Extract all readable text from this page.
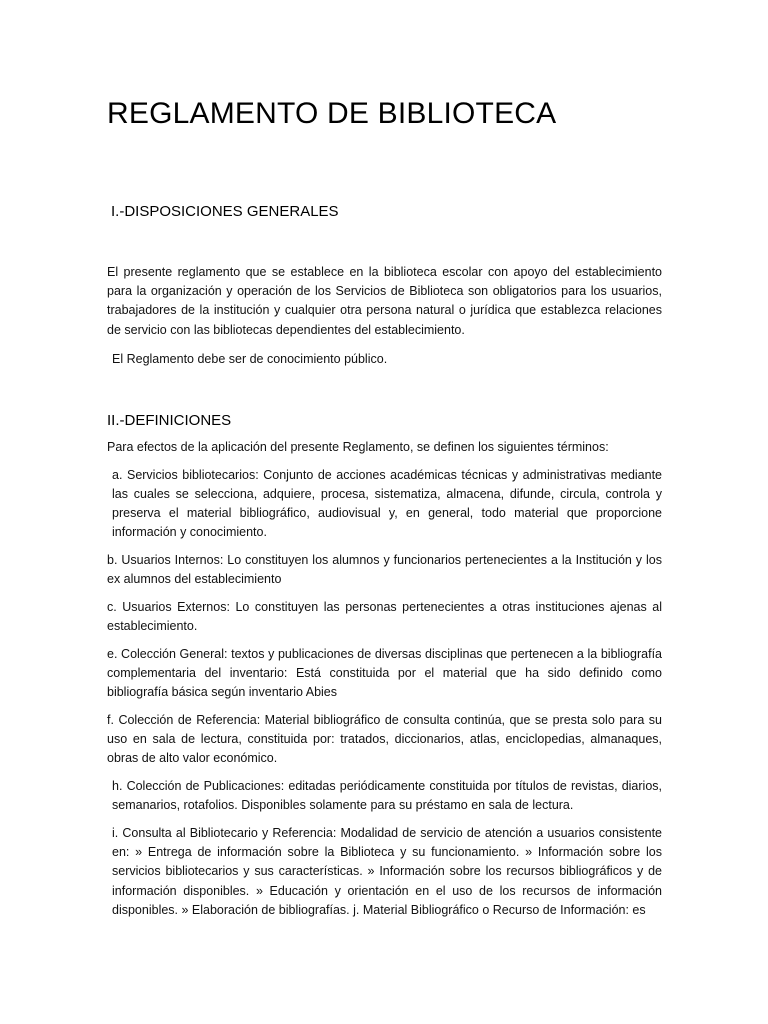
REGLAMENTO DE BIBLIOTECA
I.-DISPOSICIONES GENERALES

El presente reglamento que se establece en la biblioteca escolar con apoyo del establecimiento para la organización y operación de los Servicios de Biblioteca son obligatorios para los usuarios, trabajadores de la institución y cualquier otra persona natural o jurídica que establezca relaciones de servicio con las bibliotecas dependientes del establecimiento.

El Reglamento debe ser de conocimiento público.

II.-DEFINICIONES

Para efectos de la aplicación del presente Reglamento, se definen los siguientes términos:

a. Servicios bibliotecarios: Conjunto de acciones académicas técnicas y administrativas mediante las cuales se selecciona, adquiere, procesa, sistematiza, almacena, difunde, circula, controla y preserva el material bibliográfico, audiovisual y, en general, todo material que proporcione información y conocimiento.

b. Usuarios Internos: Lo constituyen los alumnos y funcionarios pertenecientes a la Institución y los ex alumnos del establecimiento

c. Usuarios Externos: Lo constituyen las personas pertenecientes a otras instituciones ajenas al establecimiento.

e. Colección General: textos y publicaciones de diversas disciplinas que pertenecen a la bibliografía complementaria del inventario: Está constituida por el material que ha sido definido como bibliografía básica según inventario Abies

f. Colección de Referencia: Material bibliográfico de consulta continúa, que se presta solo para su uso en sala de lectura, constituida por: tratados, diccionarios, atlas, enciclopedias, almanaques, obras de alto valor económico.

h. Colección de Publicaciones: editadas periódicamente constituida por títulos de revistas, diarios, semanarios, rotafolios. Disponibles solamente para su préstamo en sala de lectura.

i. Consulta al Bibliotecario y Referencia: Modalidad de servicio de atención a usuarios consistente en: » Entrega de información sobre la Biblioteca y su funcionamiento. » Información sobre los servicios bibliotecarios y sus características. » Información sobre los recursos bibliográficos y de información disponibles. » Educación y orientación en el uso de los recursos de información disponibles. » Elaboración de bibliografías. j. Material Bibliográfico o Recurso de Información: es
